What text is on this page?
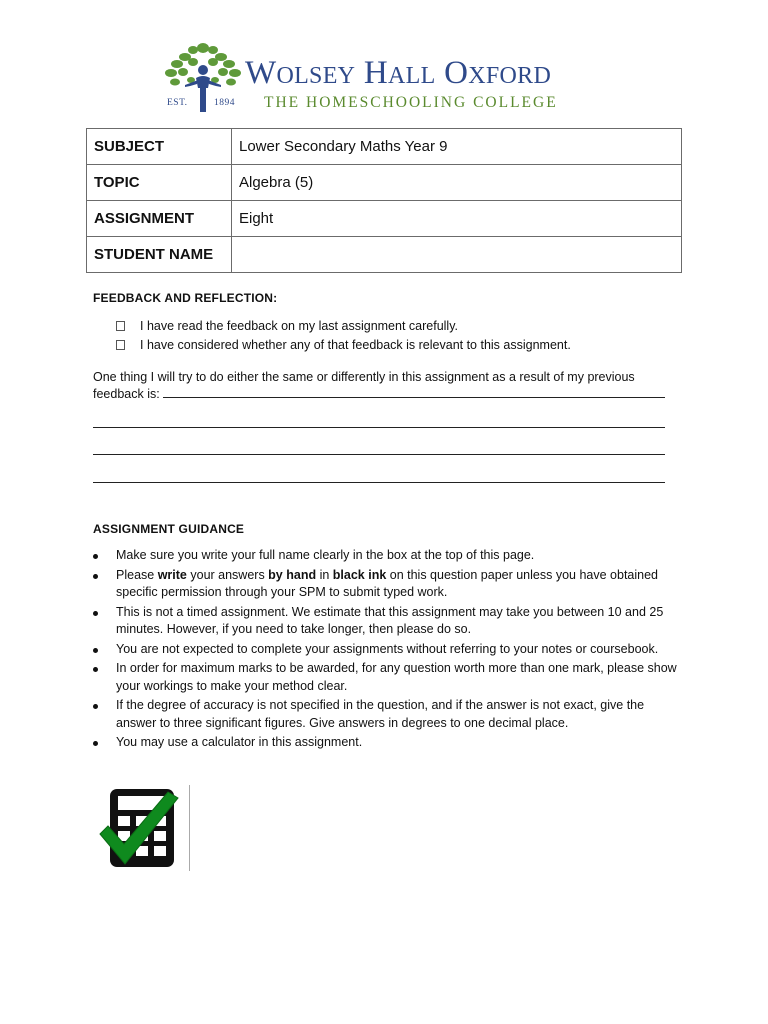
EST.	1894
WOLSEY HALL OXFORD
THE HOMESCHOOLING COLLEGE
SUBJECT	Lower Secondary Maths Year 9
TOPIC	Algebra (5)
ASSIGNMENT	Eight
STUDENT NAME	
FEEDBACK AND REFLECTION:
I have read the feedback on my last assignment carefully.
I have considered whether any of that feedback is relevant to this assignment.
One thing I will try to do either the same or differently in this assignment as a result of my previous
feedback is:
ASSIGNMENT GUIDANCE
Make sure you write your full name clearly in the box at the top of this page.
Please write your answers by hand in black ink on this question paper unless you have obtained specific permission through your SPM to submit typed work.
This is not a timed assignment. We estimate that this assignment may take you between 10 and 25 minutes. However, if you need to take longer, then please do so.
You are not expected to complete your assignments without referring to your notes or coursebook.
In order for maximum marks to be awarded, for any question worth more than one mark, please show your workings to make your method clear.
If the degree of accuracy is not specified in the question, and if the answer is not exact, give the answer to three significant figures. Give answers in degrees to one decimal place.
You may use a calculator in this assignment.
